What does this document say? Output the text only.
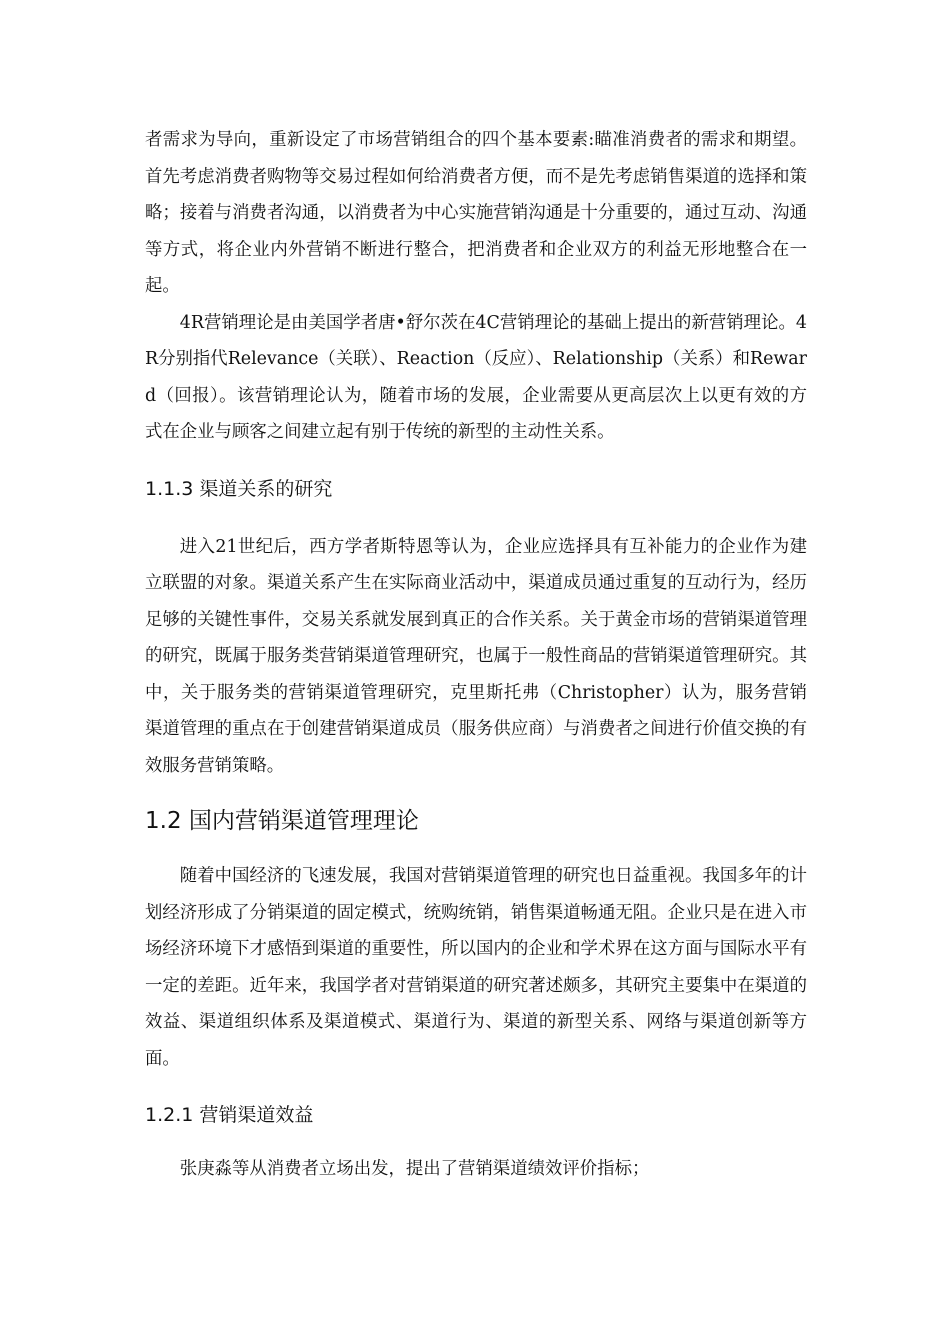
者需求为导向，重新设定了市场营销组合的四个基本要素:瞄准消费者的需求和期望。首先考虑消费者购物等交易过程如何给消费者方便，而不是先考虑销售渠道的选择和策略；接着与消费者沟通，以消费者为中心实施营销沟通是十分重要的，通过互动、沟通等方式，将企业内外营销不断进行整合，把消费者和企业双方的利益无形地整合在一起。

4R营销理论是由美国学者唐•舒尔茨在4C营销理论的基础上提出的新营销理论。4R分别指代Relevance（关联）、Reaction（反应）、Relationship（关系）和Reward（回报）。该营销理论认为，随着市场的发展，企业需要从更高层次上以更有效的方式在企业与顾客之间建立起有别于传统的新型的主动性关系。

1.1.3 渠道关系的研究

进入21世纪后，西方学者斯特恩等认为，企业应选择具有互补能力的企业作为建立联盟的对象。渠道关系产生在实际商业活动中，渠道成员通过重复的互动行为，经历足够的关键性事件，交易关系就发展到真正的合作关系。关于黄金市场的营销渠道管理的研究，既属于服务类营销渠道管理研究，也属于一般性商品的营销渠道管理研究。其中，关于服务类的营销渠道管理研究，克里斯托弗（Christopher）认为，服务营销渠道管理的重点在于创建营销渠道成员（服务供应商）与消费者之间进行价值交换的有效服务营销策略。

1.2 国内营销渠道管理理论

随着中国经济的飞速发展，我国对营销渠道管理的研究也日益重视。我国多年的计划经济形成了分销渠道的固定模式，统购统销，销售渠道畅通无阻。企业只是在进入市场经济环境下才感悟到渠道的重要性，所以国内的企业和学术界在这方面与国际水平有一定的差距。近年来，我国学者对营销渠道的研究著述颇多，其研究主要集中在渠道的效益、渠道组织体系及渠道模式、渠道行为、渠道的新型关系、网络与渠道创新等方面。

1.2.1 营销渠道效益

张庚淼等从消费者立场出发，提出了营销渠道绩效评价指标；
